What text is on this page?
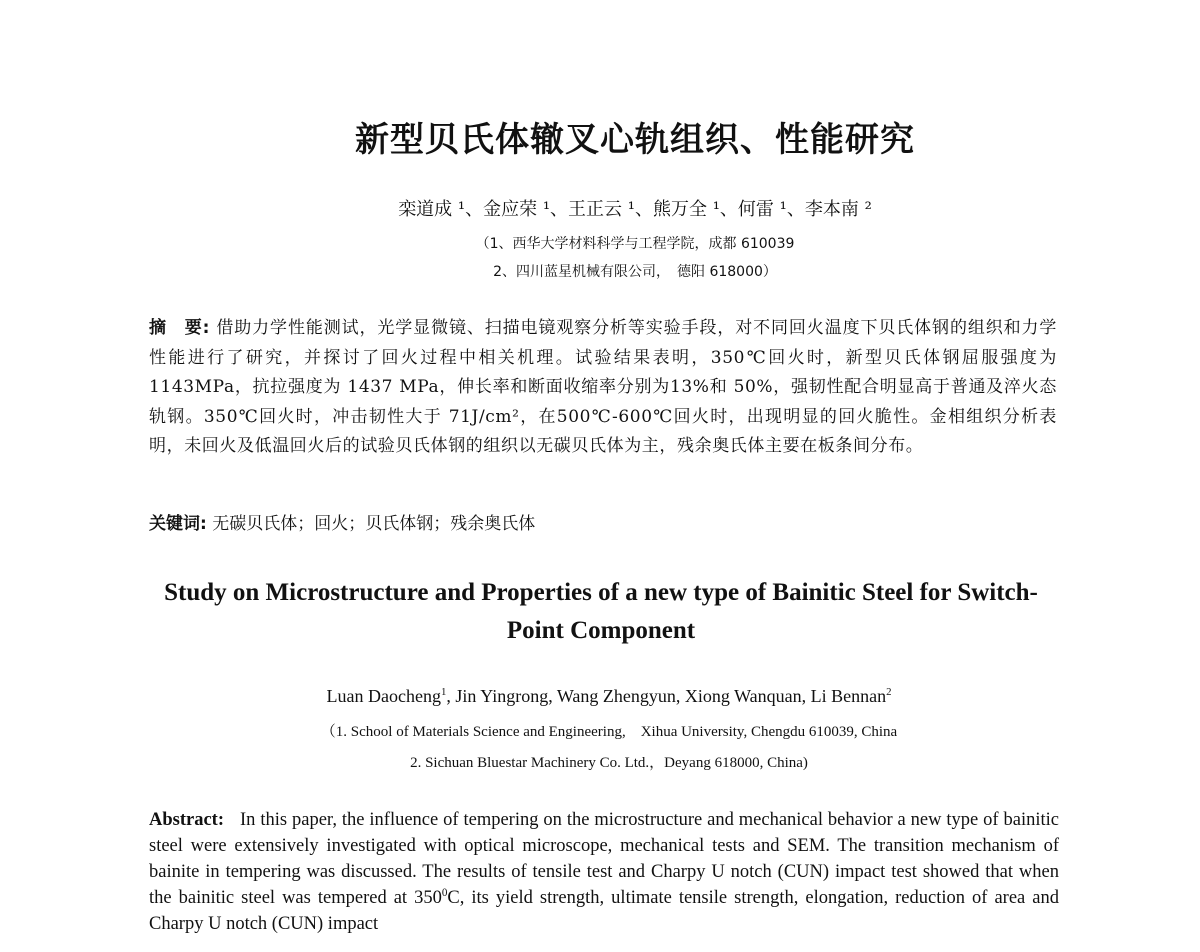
新型贝氏体辙叉心轨组织、性能研究
栾道成 ¹、金应荣 ¹、王正云 ¹、熊万全 ¹、何雷 ¹、李本南 ²
（1、西华大学材料科学与工程学院，成都 610039
2、四川蓝星机械有限公司，　德阳 618000）
摘　要: 借助力学性能测试，光学显微镜、扫描电镜观察分析等实验手段，对不同回火温度下贝氏体钢的组织和力学性能进行了研究，并探讨了回火过程中相关机理。试验结果表明，350℃回火时，新型贝氏体钢屈服强度为 1143MPa，抗拉强度为 1437 MPa，伸长率和断面收缩率分别为13%和 50%，强韧性配合明显高于普通及淬火态轨钢。350℃回火时，冲击韧性大于 71J/cm²，在500℃-600℃回火时，出现明显的回火脆性。金相组织分析表明，未回火及低温回火后的试验贝氏体钢的组织以无碳贝氏体为主，残余奥氏体主要在板条间分布。
关键词: 无碳贝氏体；回火；贝氏体钢；残余奥氏体
Study on Microstructure and Properties of a new type of Bainitic Steel for Switch-Point Component
Luan Daocheng$^1$, Jin Yingrong, Wang Zhengyun, Xiong Wanquan, Li Bennan$^2$
（1. School of Materials Science and Engineering,　Xihua University, Chengdu 610039, China
2. Sichuan Bluestar Machinery Co. Ltd.，Deyang 618000, China)
Abstract: In this paper, the influence of tempering on the microstructure and mechanical behavior a new type of bainitic steel were extensively investigated with optical microscope, mechanical tests and SEM. The transition mechanism of bainite in tempering was discussed. The results of tensile test and Charpy U notch (CUN) impact test showed that when the bainitic steel was tempered at $350^0C$, its yield strength, ultimate tensile strength, elongation, reduction of area and Charpy U notch (CUN) impact
